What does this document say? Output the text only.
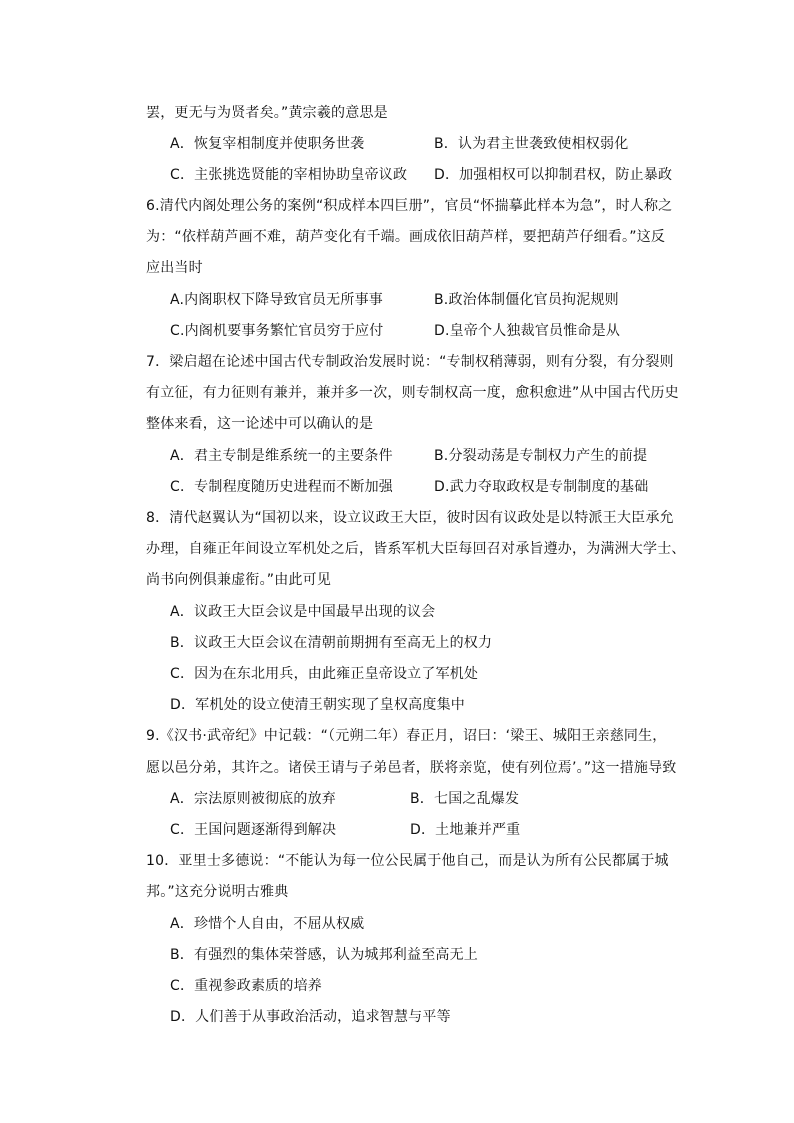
罢，更无与为贤者矣。”黄宗羲的意思是
A．恢复宰相制度并使职务世袭	B．认为君主世袭致使相权弱化
C．主张挑选贤能的宰相协助皇帝议政 D．加强相权可以抑制君权，防止暴政
6.清代内阁处理公务的案例“积成样本四巨册”，官员“怀揣摹此样本为急”，时人称之
为：“依样葫芦画不难，葫芦变化有千端。画成依旧葫芦样，要把葫芦仔细看。”这反
应出当时
A.内阁职权下降导致官员无所事事	B.政治体制僵化官员拘泥规则
C.内阁机要事务繁忙官员穷于应付	D.皇帝个人独裁官员惟命是从
7．梁启超在论述中国古代专制政治发展时说：“专制权稍薄弱，则有分裂，有分裂则
有立征，有力征则有兼并，兼并多一次，则专制权高一度，愈积愈进”从中国古代历史
整体来看，这一论述中可以确认的是
A．君主专制是维系统一的主要条件	B.分裂动荡是专制权力产生的前提
C．专制程度随历史进程而不断加强	D.武力夺取政权是专制制度的基础
8．清代赵翼认为“国初以来，设立议政王大臣，彼时因有议政处是以特派王大臣承允
办理，自雍正年间设立军机处之后，皆系军机大臣每回召对承旨遵办，为满洲大学士、
尚书向例俱兼虚衔。”由此可见
A．议政王大臣会议是中国最早出现的议会
B．议政王大臣会议在清朝前期拥有至高无上的权力
C．因为在东北用兵，由此雍正皇帝设立了军机处
D．军机处的设立使清王朝实现了皇权高度集中
9.《汉书·武帝纪》中记载：“（元朔二年）春正月，诏曰：‘梁王、城阳王亲慈同生，
愿以邑分弟，其许之。诸侯王请与子弟邑者，朕将亲览，使有列位焉’。”这一措施导致
A．宗法原则被彻底的放弃	B．七国之乱爆发
C．王国问题逐渐得到解决	D．土地兼并严重
10．亚里士多德说：“不能认为每一位公民属于他自己，而是认为所有公民都属于城
邦。”这充分说明古雅典
A．珍惜个人自由，不屈从权威
B．有强烈的集体荣誉感，认为城邦利益至高无上
C．重视参政素质的培养
D．人们善于从事政治活动，追求智慧与平等
